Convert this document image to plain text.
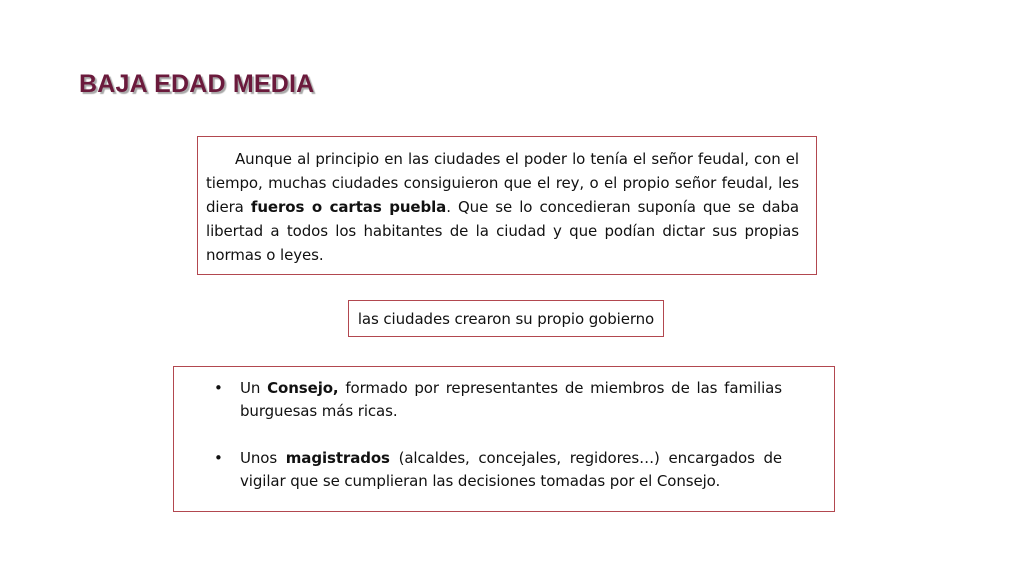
BAJA EDAD MEDIA

Aunque al principio en las ciudades el poder lo tenía el señor feudal, con el tiempo, muchas ciudades consiguieron que el rey, o el propio señor feudal, les diera fueros o cartas puebla. Que se lo concedieran suponía que se daba libertad a todos los habitantes de la ciudad y que podían dictar sus propias normas o leyes.

las ciudades crearon su propio gobierno
•	Un Consejo, formado por representantes de miembros de las familias burguesas más ricas.

•	Unos magistrados (alcaldes, concejales, regidores…) encargados de vigilar que se cumplieran las decisiones tomadas por el Consejo.
